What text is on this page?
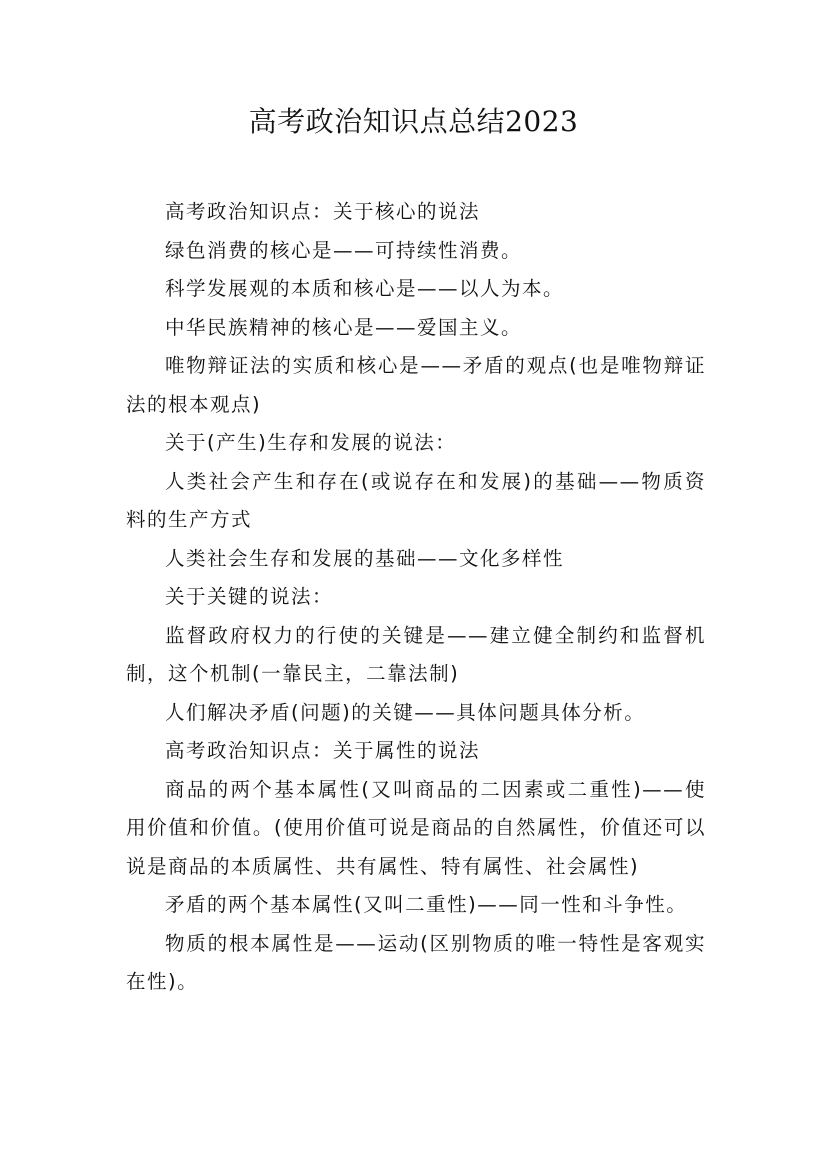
高考政治知识点总结2023

高考政治知识点：关于核心的说法

绿色消费的核心是——可持续性消费。

科学发展观的本质和核心是——以人为本。

中华民族精神的核心是——爱国主义。

唯物辩证法的实质和核心是——矛盾的观点(也是唯物辩证法的根本观点)

关于(产生)生存和发展的说法：

人类社会产生和存在(或说存在和发展)的基础——物质资料的生产方式

人类社会生存和发展的基础——文化多样性

关于关键的说法：

监督政府权力的行使的关键是——建立健全制约和监督机制，这个机制(一靠民主，二靠法制)

人们解决矛盾(问题)的关键——具体问题具体分析。

高考政治知识点：关于属性的说法

商品的两个基本属性(又叫商品的二因素或二重性)——使用价值和价值。(使用价值可说是商品的自然属性，价值还可以说是商品的本质属性、共有属性、特有属性、社会属性)

矛盾的两个基本属性(又叫二重性)——同一性和斗争性。

物质的根本属性是——运动(区别物质的唯一特性是客观实在性)。
